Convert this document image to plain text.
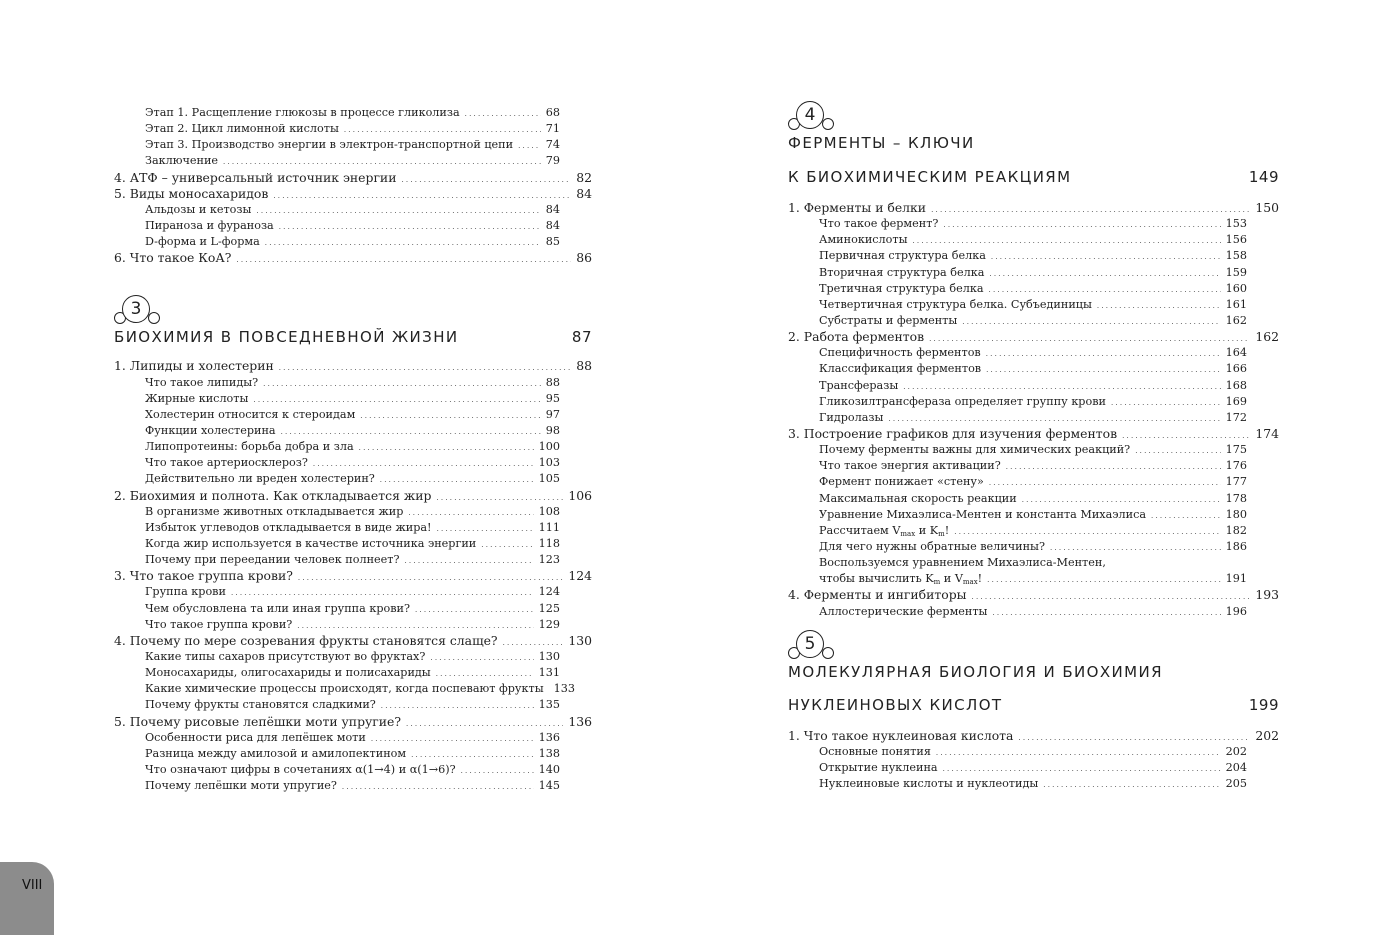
Этап 1. Расщепление глюкозы в процессе гликолиза . . .	68
Этап 2. Цикл лимонной кислоты . . .	71
Этап 3. Производство энергии в электрон-транспортной цепи . . .	74
Заключение . . .	79
4. АТФ – универсальный источник энергии . . .	82
5. Виды моносахаридов . . .	84
Альдозы и кетозы . . .	84
Пираноза и фураноза . . .	84
D-форма и L-форма . . .	85
6. Что такое КоА? . . .	86
3
БИОХИМИЯ В ПОВСЕДНЕВНОЙ ЖИЗНИ	87
1. Липиды и холестерин . . .	88
Что такое липиды? . . .	88
Жирные кислоты . . .	95
Холестерин относится к стероидам . . .	97
Функции холестерина . . .	98
Липопротеины: борьба добра и зла . . .	100
Что такое артериосклероз? . . .	103
Действительно ли вреден холестерин? . . .	105
2. Биохимия и полнота. Как откладывается жир . . .	106
В организме животных откладывается жир . . .	108
Избыток углеводов откладывается в виде жира! . . .	111
Когда жир используется в качестве источника энергии . . .	118
Почему при переедании человек полнеет? . . .	123
3. Что такое группа крови? . . .	124
Группа крови . . .	124
Чем обусловлена та или иная группа крови? . . .	125
Что такое группа крови? . . .	129
4. Почему по мере созревания фрукты становятся слаще? . . .	130
Какие типы сахаров присутствуют во фруктах? . . .	130
Моносахариды, олигосахариды и полисахариды . . .	131
Какие химические процессы происходят, когда поспевают фрукты 133
Почему фрукты становятся сладкими? . . .	135
5. Почему рисовые лепёшки моти упругие? . . .	136
Особенности риса для лепёшек моти . . .	136
Разница между амилозой и амилопектином . . .	138
Что означают цифры в сочетаниях α(1→4) и α(1→6)? . . .	140
Почему лепёшки моти упругие? . . .	145
VIII
4
ФЕРМЕНТЫ – КЛЮЧИ
К БИОХИМИЧЕСКИМ РЕАКЦИЯМ	149
1. Ферменты и белки . . .	150
Что такое фермент? . . .	153
Аминокислоты . . .	156
Первичная структура белка . . .	158
Вторичная структура белка . . .	159
Третичная структура белка . . .	160
Четвертичная структура белка. Субъединицы . . .	161
Субстраты и ферменты . . .	162
2. Работа ферментов . . .	162
Специфичность ферментов . . .	164
Классификация ферментов . . .	166
Трансферазы . . .	168
Гликозилтрансфераза определяет группу крови . . .	169
Гидролазы . . .	172
3. Построение графиков для изучения ферментов . . .	174
Почему ферменты важны для химических реакций? . . .	175
Что такое энергия активации? . . .	176
Фермент понижает «стену» . . .	177
Максимальная скорость реакции . . .	178
Уравнение Михаэлиса-Ментен и константа Михаэлиса . . .	180
Рассчитаем $V_{max}$ и $K_m$! . . .	182
Для чего нужны обратные величины? . . .	186
Воспользуемся уравнением Михаэлиса-Ментен,
чтобы вычислить $K_m$ и $V_{max}$! . . .	191
4. Ферменты и ингибиторы . . .	193
Аллостерические ферменты . . .	196
5
МОЛЕКУЛЯРНАЯ БИОЛОГИЯ И БИОХИМИЯ
НУКЛЕИНОВЫХ КИСЛОТ	199
1. Что такое нуклеиновая кислота . . .	202
Основные понятия . . .	202
Открытие нуклеина . . .	204
Нуклеиновые кислоты и нуклеотиды . . .	205
